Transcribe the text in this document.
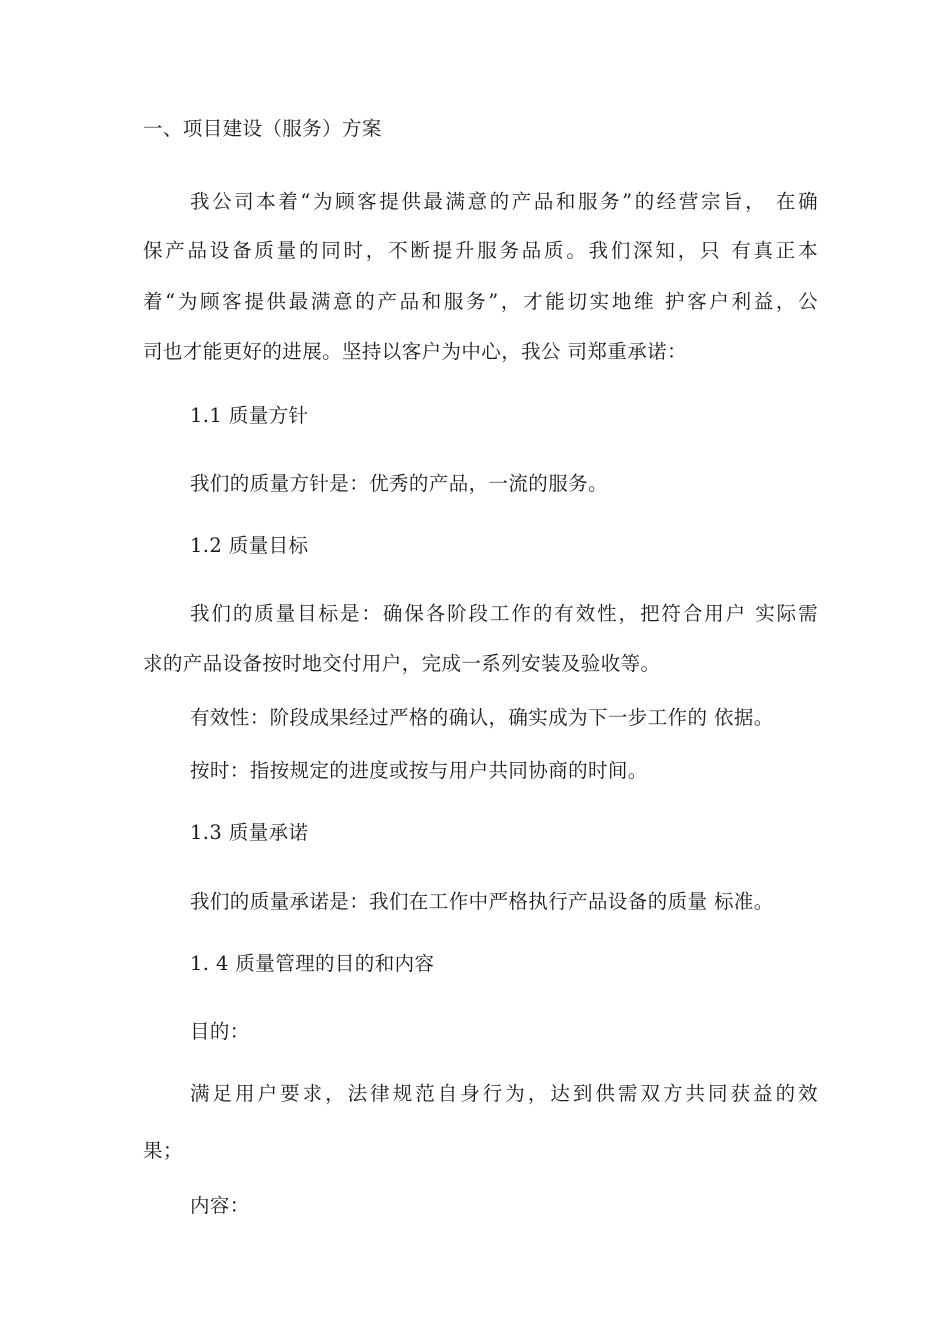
一、项目建设（服务）方案
我公司本着“为顾客提供最满意的产品和服务”的经营宗旨， 在确
保产品设备质量的同时，不断提升服务品质。我们深知，只 有真正本
着“为顾客提供最满意的产品和服务”，才能切实地维 护客户利益，公
司也才能更好的进展。坚持以客户为中心，我公 司郑重承诺：
1.1 质量方针
我们的质量方针是：优秀的产品，一流的服务。
1.2 质量目标
我们的质量目标是：确保各阶段工作的有效性，把符合用户 实际需
求的产品设备按时地交付用户，完成一系列安装及验收等。
有效性：阶段成果经过严格的确认，确实成为下一步工作的 依据。
按时：指按规定的进度或按与用户共同协商的时间。
1.3 质量承诺
我们的质量承诺是：我们在工作中严格执行产品设备的质量 标准。
1. 4 质量管理的目的和内容
目的：
满足用户要求，法律规范自身行为，达到供需双方共同获益的效
果；
内容：
